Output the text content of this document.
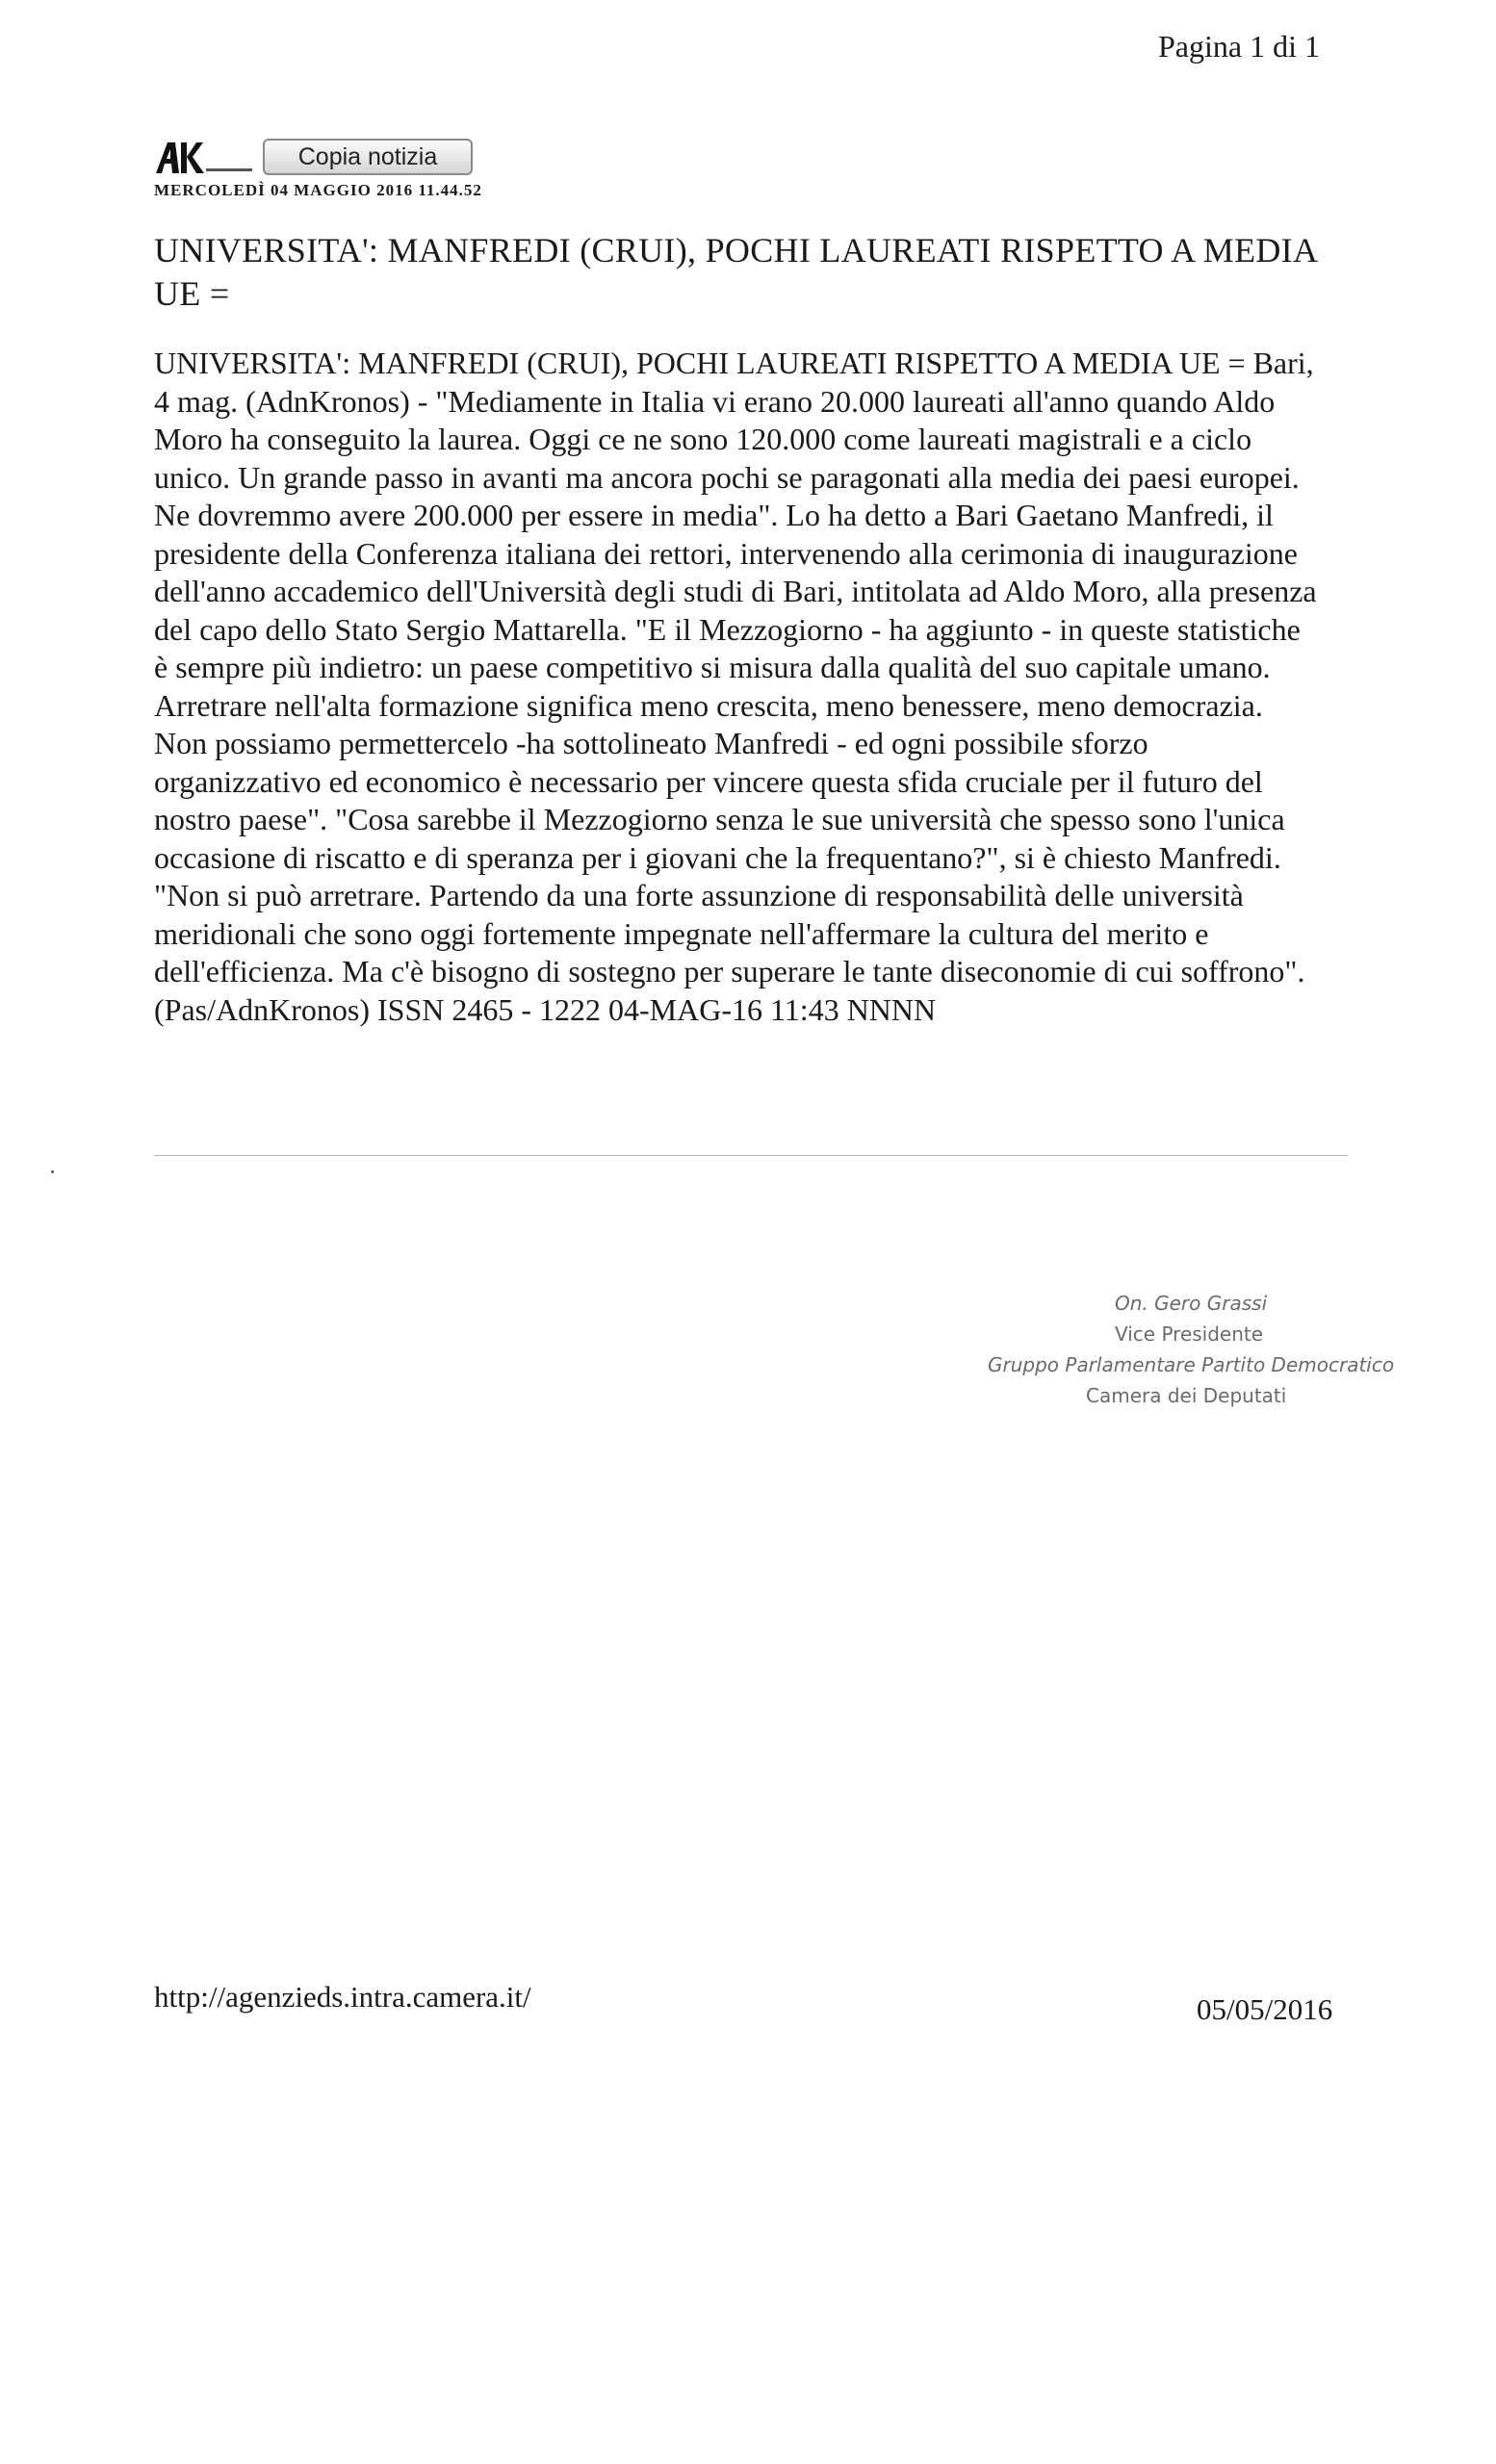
Pagina 1 di 1
Copia notizia
MERCOLEDÌ 04 MAGGIO 2016 11.44.52
UNIVERSITA': MANFREDI (CRUI), POCHI LAUREATI RISPETTO A MEDIA UE =

UNIVERSITA': MANFREDI (CRUI), POCHI LAUREATI RISPETTO A MEDIA UE = Bari, 4 mag. (AdnKronos) - "Mediamente in Italia vi erano 20.000 laureati all'anno quando Aldo Moro ha conseguito la laurea. Oggi ce ne sono 120.000 come laureati magistrali e a ciclo unico. Un grande passo in avanti ma ancora pochi se paragonati alla media dei paesi europei. Ne dovremmo avere 200.000 per essere in media". Lo ha detto a Bari Gaetano Manfredi, il presidente della Conferenza italiana dei rettori, intervenendo alla cerimonia di inaugurazione dell'anno accademico dell'Università degli studi di Bari, intitolata ad Aldo Moro, alla presenza del capo dello Stato Sergio Mattarella. "E il Mezzogiorno - ha aggiunto - in queste statistiche è sempre più indietro: un paese competitivo si misura dalla qualità del suo capitale umano. Arretrare nell'alta formazione significa meno crescita, meno benessere, meno democrazia. Non possiamo permettercelo -ha sottolineato Manfredi - ed ogni possibile sforzo organizzativo ed economico è necessario per vincere questa sfida cruciale per il futuro del nostro paese". "Cosa sarebbe il Mezzogiorno senza le sue università che spesso sono l'unica occasione di riscatto e di speranza per i giovani che la frequentano?", si è chiesto Manfredi. "Non si può arretrare. Partendo da una forte assunzione di responsabilità delle università meridionali che sono oggi fortemente impegnate nell'affermare la cultura del merito e dell'efficienza. Ma c'è bisogno di sostegno per superare le tante diseconomie di cui soffrono". (Pas/AdnKronos) ISSN 2465 - 1222 04-MAG-16 11:43 NNNN

On. Gero Grassi
Vice Presidente
Gruppo Parlamentare Partito Democratico
Camera dei Deputati
http://agenzieds.intra.camera.it/	05/05/2016
